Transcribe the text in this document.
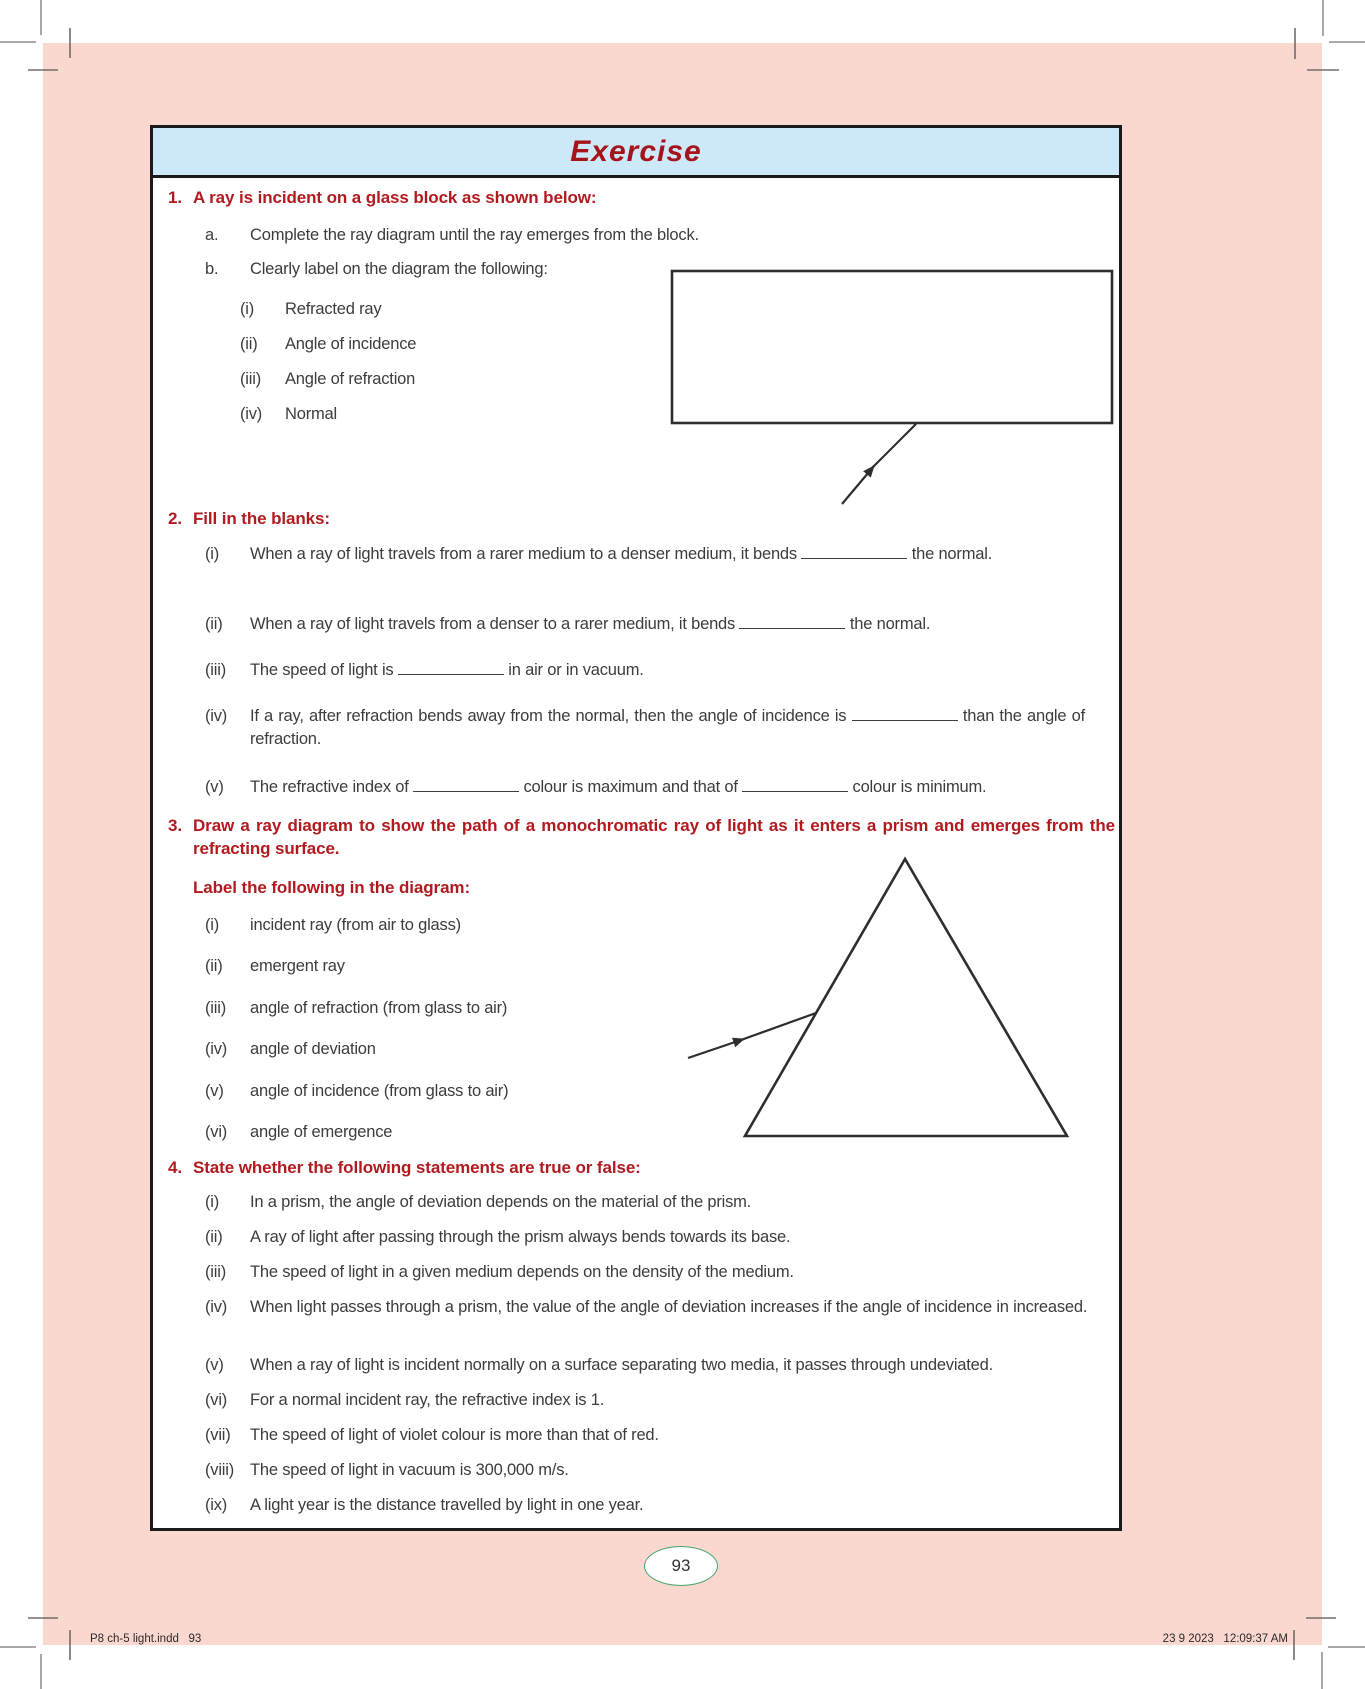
Exercise
1. A ray is incident on a glass block as shown below:
a. Complete the ray diagram until the ray emerges from the block.
b. Clearly label on the diagram the following:
(i) Refracted ray
(ii) Angle of incidence
(iii) Angle of refraction
(iv) Normal
2. Fill in the blanks:
(i) When a ray of light travels from a rarer medium to a denser medium, it bends	the normal.
(ii) When a ray of light travels from a denser to a rarer medium, it bends	the normal.
(iii) The speed of light is	in air or in vacuum.
(iv) If a ray, after refraction bends away from the normal, then the angle of incidence is	than the angle of refraction.
(v) The refractive index of	colour is maximum and that of	colour is minimum.
3. Draw a ray diagram to show the path of a monochromatic ray of light as it enters a prism and emerges from the refracting surface.
Label the following in the diagram:
(i) incident ray (from air to glass)
(ii) emergent ray
(iii) angle of refraction (from glass to air)
(iv) angle of deviation
(v) angle of incidence (from glass to air)
(vi) angle of emergence
4. State whether the following statements are true or false:
(i) In a prism, the angle of deviation depends on the material of the prism.
(ii) A ray of light after passing through the prism always bends towards its base.
(iii) The speed of light in a given medium depends on the density of the medium.
(iv) When light passes through a prism, the value of the angle of deviation increases if the angle of incidence in increased.
(v) When a ray of light is incident normally on a surface separating two media, it passes through undeviated.
(vi) For a normal incident ray, the refractive index is 1.
(vii) The speed of light of violet colour is more than that of red.
(viii) The speed of light in vacuum is 300,000 m/s.
(ix) A light year is the distance travelled by light in one year.
93
P8 ch-5 light.indd   93	23 9 2023   12:09:37 AM
